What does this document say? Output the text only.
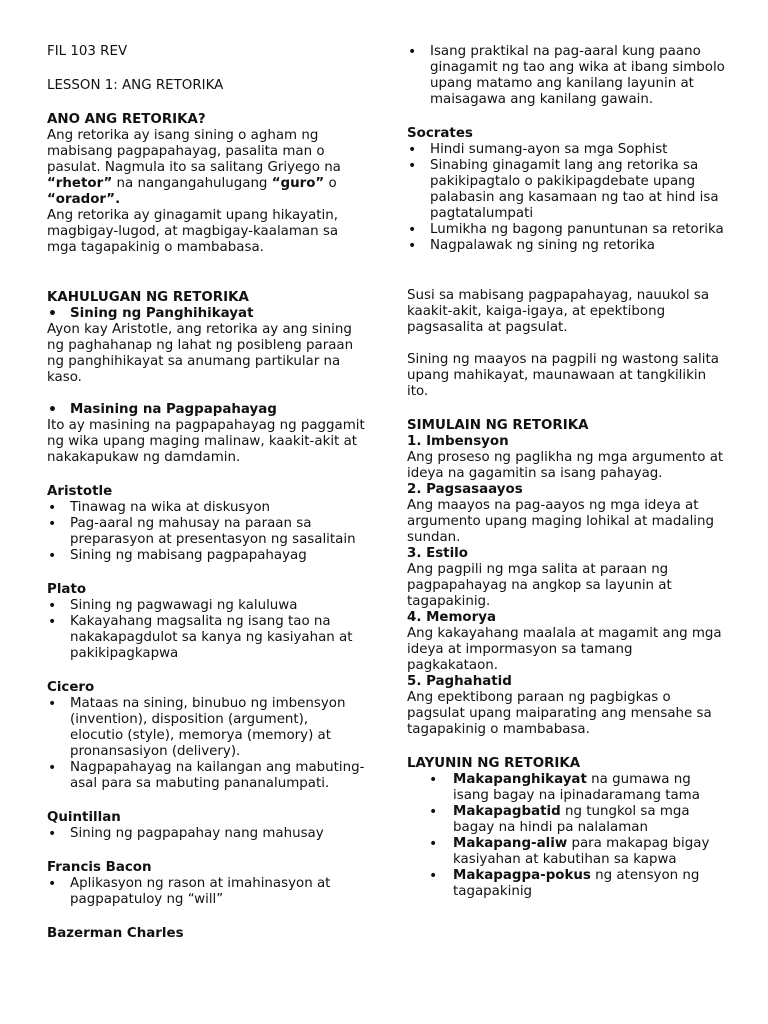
FIL 103 REV

LESSON 1: ANG RETORIKA

ANO ANG RETORIKA?

Ang retorika ay isang sining o agham ng mabisang pagpapahayag, pasalita man o pasulat. Nagmula ito sa salitang Griyego na “rhetor” na nangangahulugang “guro” o “orador”.

Ang retorika ay ginagamit upang hikayatin, magbigay-lugod, at magbigay-kaalaman sa mga tagapakinig o mambabasa.

KAHULUGAN NG RETORIKA

• Sining ng Panghihikayat

Ayon kay Aristotle, ang retorika ay ang sining ng paghahanap ng lahat ng posibleng paraan ng panghihikayat sa anumang partikular na kaso.

• Masining na Pagpapahayag

Ito ay masining na pagpapahayag ng paggamit ng wika upang maging malinaw, kaakit-akit at nakakapukaw ng damdamin.

Aristotle

• Tinawag na wika at diskusyon
• Pag-aaral ng mahusay na paraan sa preparasyon at presentasyon ng sasalitain
• Sining ng mabisang pagpapahayag

Plato

• Sining ng pagwawagi ng kaluluwa
• Kakayahang magsalita ng isang tao na nakakapagdulot sa kanya ng kasiyahan at pakikipagkapwa

Cicero

• Mataas na sining, binubuo ng imbensyon (invention), disposition (argument), elocutio (style), memorya (memory) at pronansasiyon (delivery).
• Nagpapahayag na kailangan ang mabuting-asal para sa mabuting pananalumpati.

Quintillan

• Sining ng pagpapahay nang mahusay

Francis Bacon

• Aplikasyon ng rason at imahinasyon at pagpapatuloy ng “will”

Bazerman Charles

• Isang praktikal na pag-aaral kung paano ginagamit ng tao ang wika at ibang simbolo upang matamo ang kanilang layunin at maisagawa ang kanilang gawain.

Socrates

• Hindi sumang-ayon sa mga Sophist
• Sinabing ginagamit lang ang retorika sa pakikipagtalo o pakikipagdebate upang palabasin ang kasamaan ng tao at hind isa pagtatalumpati
• Lumikha ng bagong panuntunan sa retorika
• Nagpalawak ng sining ng retorika

Susi sa mabisang pagpapahayag, nauukol sa kaakit-akit, kaiga-igaya, at epektibong pagsasalita at pagsulat.

Sining ng maayos na pagpili ng wastong salita upang mahikayat, maunawaan at tangkilikin ito.

SIMULAIN NG RETORIKA

1. Imbensyon

Ang proseso ng paglikha ng mga argumento at ideya na gagamitin sa isang pahayag.

2. Pagsasaayos

Ang maayos na pag-aayos ng mga ideya at argumento upang maging lohikal at madaling sundan.

3. Estilo

Ang pagpili ng mga salita at paraan ng pagpapahayag na angkop sa layunin at tagapakinig.

4. Memorya

Ang kakayahang maalala at magamit ang mga ideya at impormasyon sa tamang pagkakataon.

5. Paghahatid

Ang epektibong paraan ng pagbigkas o pagsulat upang maiparating ang mensahe sa tagapakinig o mambabasa.

LAYUNIN NG RETORIKA

• Makapanghikayat na gumawa ng isang bagay na ipinadaramang tama
• Makapagbatid ng tungkol sa mga bagay na hindi pa nalalaman
• Makapang-aliw para makapag bigay kasiyahan at kabutihan sa kapwa
• Makapagpa-pokus ng atensyon ng tagapakinig
